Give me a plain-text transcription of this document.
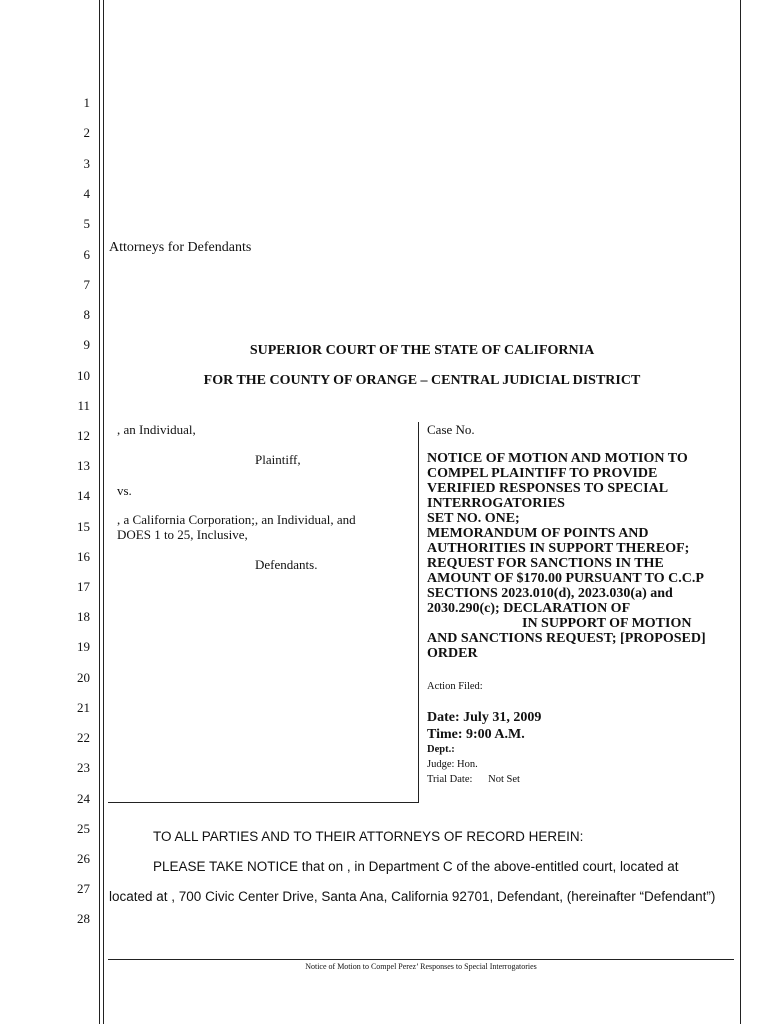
1
2
3
4
5
6
7
8
9
10
11
12
13
14
15
16
17
18
19
20
21
22
23
24
25
26
27
28
Attorneys for Defendants
SUPERIOR COURT OF THE STATE OF CALIFORNIA
FOR THE COUNTY OF ORANGE – CENTRAL JUDICIAL DISTRICT
, an Individual,
Plaintiff,
vs.
, a California Corporation;, an Individual, and
DOES 1 to 25, Inclusive,
Defendants.
Case No.
NOTICE OF MOTION AND MOTION TO
COMPEL PLAINTIFF TO PROVIDE
VERIFIED RESPONSES TO SPECIAL
INTERROGATORIES
SET NO. ONE;
MEMORANDUM OF POINTS AND
AUTHORITIES IN SUPPORT THEREOF;
REQUEST FOR SANCTIONS IN THE
AMOUNT OF $170.00 PURSUANT TO C.C.P
SECTIONS 2023.010(d), 2023.030(a) and
2030.290(c); DECLARATION OF
IN SUPPORT OF MOTION
AND SANCTIONS REQUEST; [PROPOSED]
ORDER
Action Filed:
Date: July 31, 2009
Time: 9:00 A.M.
Dept.:
Judge: Hon.
Trial Date:      Not Set
TO ALL PARTIES AND TO THEIR ATTORNEYS OF RECORD HEREIN:
PLEASE TAKE NOTICE that on , in Department C of the above-entitled court, located at
located at , 700 Civic Center Drive, Santa Ana, California 92701, Defendant, (hereinafter “Defendant”)
Notice of Motion to Compel Perez’ Responses to Special Interrogatories
